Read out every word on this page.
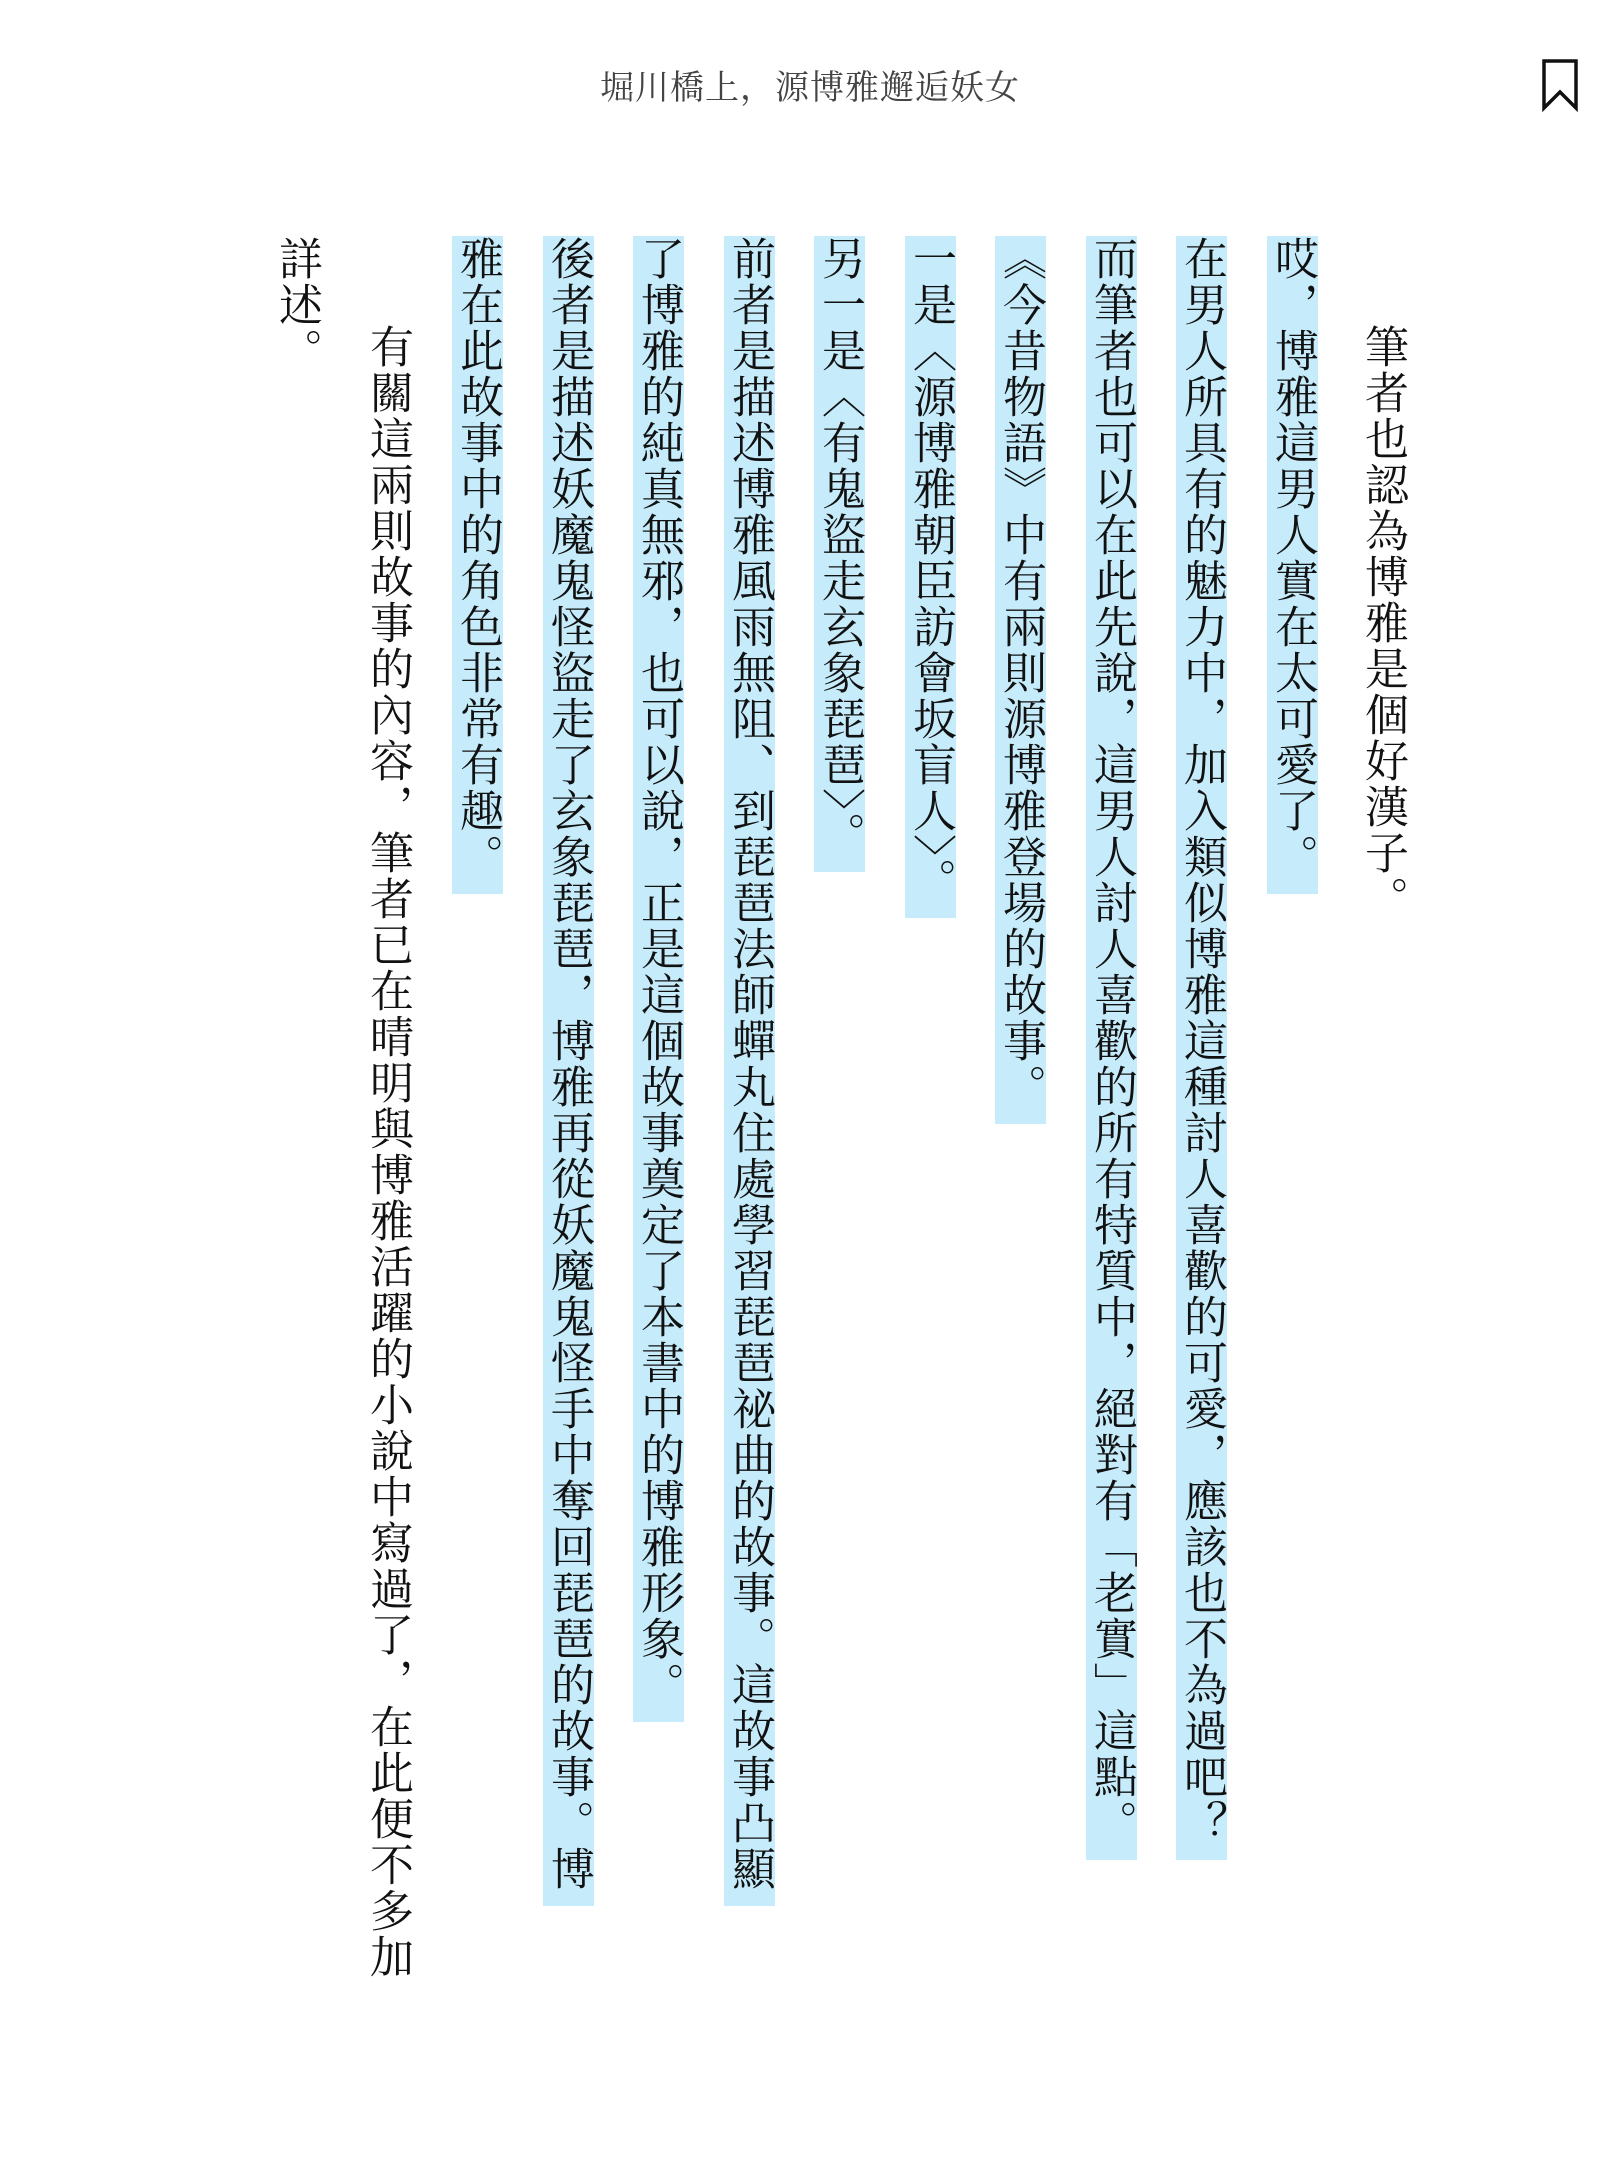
堀川橋上，源博雅邂逅妖女
筆者也認為博雅是個好漢子。
哎，博雅這男人實在太可愛了。
在男人所具有的魅力中，加入類似博雅這種討人喜歡的可愛，應該也不為過吧？
而筆者也可以在此先說，這男人討人喜歡的所有特質中，絕對有「老實」這點。
《今昔物語》中有兩則源博雅登場的故事。
一是〈源博雅朝臣訪會坂盲人〉。
另一是〈有鬼盜走玄象琵琶〉。
前者是描述博雅風雨無阻、到琵琶法師蟬丸住處學習琵琶祕曲的故事。這故事凸顯
了博雅的純真無邪，也可以說，正是這個故事奠定了本書中的博雅形象。
後者是描述妖魔鬼怪盜走了玄象琵琶，博雅再從妖魔鬼怪手中奪回琵琶的故事。博
雅在此故事中的角色非常有趣。
有關這兩則故事的內容，筆者已在晴明與博雅活躍的小說中寫過了，在此便不多加
詳述。
